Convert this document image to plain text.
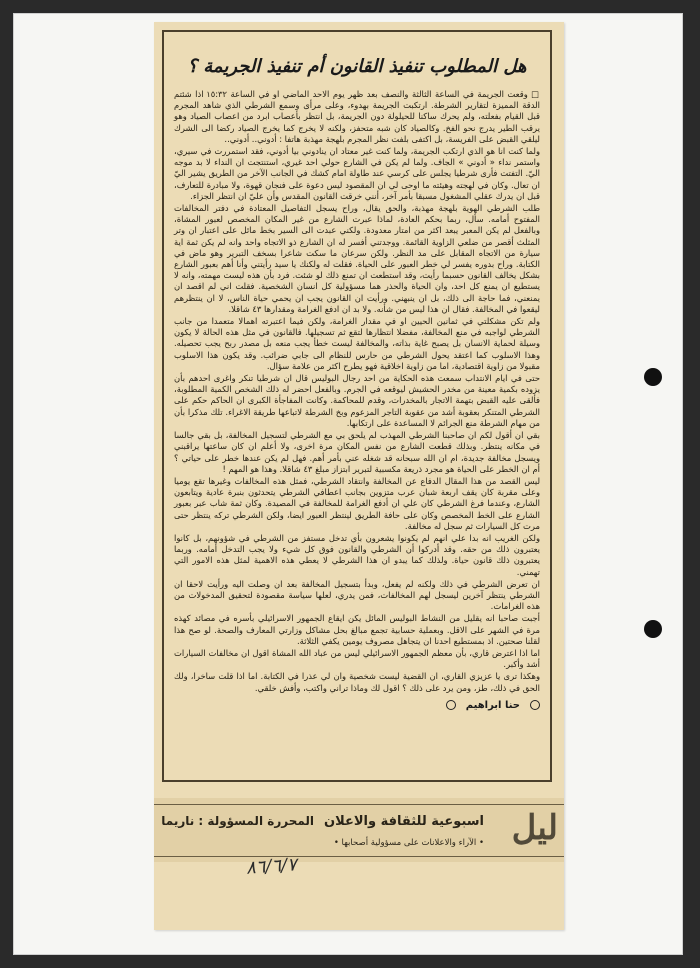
هل المطلوب تنفيذ القانون أم تنفيذ الجريمة ؟

□ وقعت الجريمة في الساعة الثالثة والنصف بعد ظهر يوم الاحد الماضي او في الساعة ١٥:٣٢ اذا شئتم الدقة المميزة لتقارير الشرطة. ارتكبت الجريمة بهدوء، وعلى مرأى وسمع الشرطي الذي شاهد المجرم قبل القيام بفعلته، ولم يحرك ساكنا للحيلولة دون الجريمة، بل انتظر بأعصاب ابرد من اعصاب الصياد وهو يرقب الطير يدرج نحو الفخ. وكالصياد كان شبه متحفز، ولكنه لا يخرج كما يخرج الصياد ركضا الى الشرك ليلقي القبض على الفريسة، بل اكتفى بلفت نظر المجرم بلهجة مهذبة هاتفا : أدوني.. أدوني..

ولما كنت انا هو الذي ارتكب الجريمة، ولما كنت غير معتاد ان ينادوني بيا أدوني، فقد استمررت في سيري، واستمر نداء « أدوني » الجاف. ولما لم يكن في الشارع حولي احد غيري، استنتجت ان النداء لا بد موجه اليّ. التفتت فأرى شرطيا يجلس على كرسي عند طاولة امام كشك في الجانب الآخر من الطريق يشير اليّ ان تعال. وكان في لهجته وهيئته ما اوحى لي ان المقصود ليس دعوة على فنجان قهوة، ولا مبادرة للتعارف، قبل ان يدرك عقلي المشغول مسبقا بأمر آخر، أنني خرقت القانون المقدس وأن عليّ ان انتظر الجزاء.

طلب الشرطي الهوية بلهجة مهذبة، والحق يقال، وراح يسجل التفاصيل المعتادة في دفتر المخالفات المفتوح أمامه. سأل، ربما بحكم العادة، لماذا عبرت الشارع من غير المكان المخصص لعبور المشاة، وبالفعل لم يكن المعبر يبعد اكثر من امتار معدودة. ولكني عبدت الى السير بخط مائل على اعتبار ان وتر المثلث أقصر من ضلعي الزاوية القائمة. ووجدتني أفسر له ان الشارع ذو الاتجاه واحد وانه لم يكن ثمة اية سيارة من الاتجاه المقابل على مد النظر. ولكن سرعان ما سكت شاعرا بسخف التبرير وهو ماض في الكتابة. وراح بدوره يفسر لي خطر العبور على الحياة. فقلت له ولكنك يا سيد رأيتني وأنا أهم بعبور الشارع بشكل يخالف القانون حسبما رأيت، وقد استطعت ان تمنع ذلك لو شئت. فرد بأن هذه ليست مهمته، وانه لا يستطيع ان يمنع كل احد، وان الحياة والحذر هما مسؤولية كل انسان الشخصية. فقلت اني لم اقصد ان يمنعني، فما حاجة الى ذلك، بل ان ينبهني. ورأيت ان القانون يجب ان يحمي حياة الناس، لا ان ينتظرهم ليقعوا في المخالفة. فقال ان هذا ليس من شأنه. ولا بد ان ادفع الغرامة ومقدارها ٤٣ شاقلا.

ولم تكن مشكلتي في ثمانين الحيين او في مقدار الغرامة، ولكن فيما اعتبرته اهمالا متعمدا من جانب الشرطي لواجبه في منع المخالفة، مفضلا انتظارها لتقع ثم تسجيلها. فالقانون في مثل هذه الحالة لا يكون وسيلة لحماية الانسان بل يصبح غاية بذاته، والمخالفة ليست خطأ يجب منعه بل مصدر ربح يجب تحصيله. وهذا الاسلوب كما اعتقد يحول الشرطي من حارس للنظام الى جابي ضرائب. وقد يكون هذا الاسلوب مقبولا من زاوية اقتصادية، اما من زاوية اخلاقية فهو يطرح اكثر من علامة سؤال.

حتى في ايام الانتداب سمعت هذه الحكاية من احد رجال البوليس قال ان شرطيا تنكر واغرى احدهم بأن يزوده بكمية معينة من مخدر الحشيش ليوقعه في الجرم. وبالفعل احضر له ذلك الشخص الكمية المطلوبة، فألقى عليه القبض بتهمة الاتجار بالمخدرات، وقدم للمحاكمة. وكانت المفاجأة الكبرى ان الحاكم حكم على الشرطي المتنكر بعقوبة أشد من عقوبة التاجر المزعوم وبخ الشرطة لاتباعها طريقة الاغراء. تلك مذكرا بأن من مهام الشرطة منع الجرائم لا المساعدة على ارتكابها.

بقي ان أقول لكم ان صاحبنا الشرطي المهذب لم يلحق بي مع الشرطي لتسجيل المخالفة، بل بقي جالسا في مكانه ينتظر. وبذلك قطعت الشارع من نفس المكان مرة اخرى، ولا أعلم ان كان ساعتها يراقبني ويسجل مخالفة جديدة، ام ان الله سبحانه قد شغله عني بأمر أهم. فهل لم يكن عندها خطر على حياتي ؟ أم ان الخطر على الحياة هو مجرد ذريعة مكسبية لتبرير ابتزاز مبلغ ٤٣ شاقلا. وهذا هو المهم !

ليس القصد من هذا المقال الدفاع عن المخالفة وانتقاد الشرطي، فمثل هذه المخالفات وغيرها تقع يوميا وعلى مقربة كان يقف اربعة شبان عرب متزوين بجانب اعطافي الشرطي يتحدثون بنبرة عادية ويتابعون الشارع، وعندما فرغ الشرطي كان علي ان أدفع الغرامة للمخالفة في المصيدة. وكان ثمة شاب عبر بعبور الشارع على الخط المخصص وكان على حافة الطريق لينتظر العبور ايضا، ولكن الشرطي تركه ينتظر حتى مرت كل السيارات ثم سجل له مخالفة.

ولكن الغريب انه بدا علي انهم لم يكونوا يشعرون بأي تدخل مستفز من الشرطي في شؤونهم، بل كانوا يعتبرون ذلك من حقه. وقد أدركوا أن الشرطي والقانون فوق كل شيء ولا يجب التدخل أمامه. وربما يعتبرون ذلك قانون حياة. ولذلك كما يبدو ان هذا الشرطي لا يعطي هذه الاهمية لمثل هذه الامور التي تهمني.

ان تعرض الشرطي في ذلك ولكنه لم يفعل، وبدأ بتسجيل المخالفة بعد ان وصلت اليه ورأيت لاحقا ان الشرطي ينتظر آخرين ليسجل لهم المخالفات، فمن يدري، لعلها سياسة مقصودة لتحقيق المدخولات من هذه الغرامات.

أجبت صاحبا انه يقليل من النشاط البوليس المائل يكن ايقاع الجمهور الاسرائيلي بأسره في مصائد كهذه مرة في الشهر على الاقل. وبعملية حسابية تجمع مبالغ بحل مشاكل وزارتي المعارف والصحة. لو صح هذا لقلنا صحتين. اذ بمستطيع احدنا ان يتجاهل مصروف يومين يكفي الثلاثة.

اما اذا اعترض قاري، بأن معظم الجمهور الاسرائيلي ليس من عباد الله المشاة اقول ان مخالفات السيارات أشد وأكبر.

وهكذا ترى يا عزيزي القاري، ان القضية ليست شخصية وان لي عذرا في الكتابة. اما اذا قلت ساخرا، ولك الحق في ذلك، طز، ومن يرد على ذلك ؟ اقول لك وماذا تراني واكتب، وأفش خلقي.

حنا ابراهيم
ليل
اسبوعية للثقافة والاعلان
المحررة المسؤولة : ناريما
• الآراء والاعلانات على مسؤولية أصحابها •
٨٦/٦/٧
